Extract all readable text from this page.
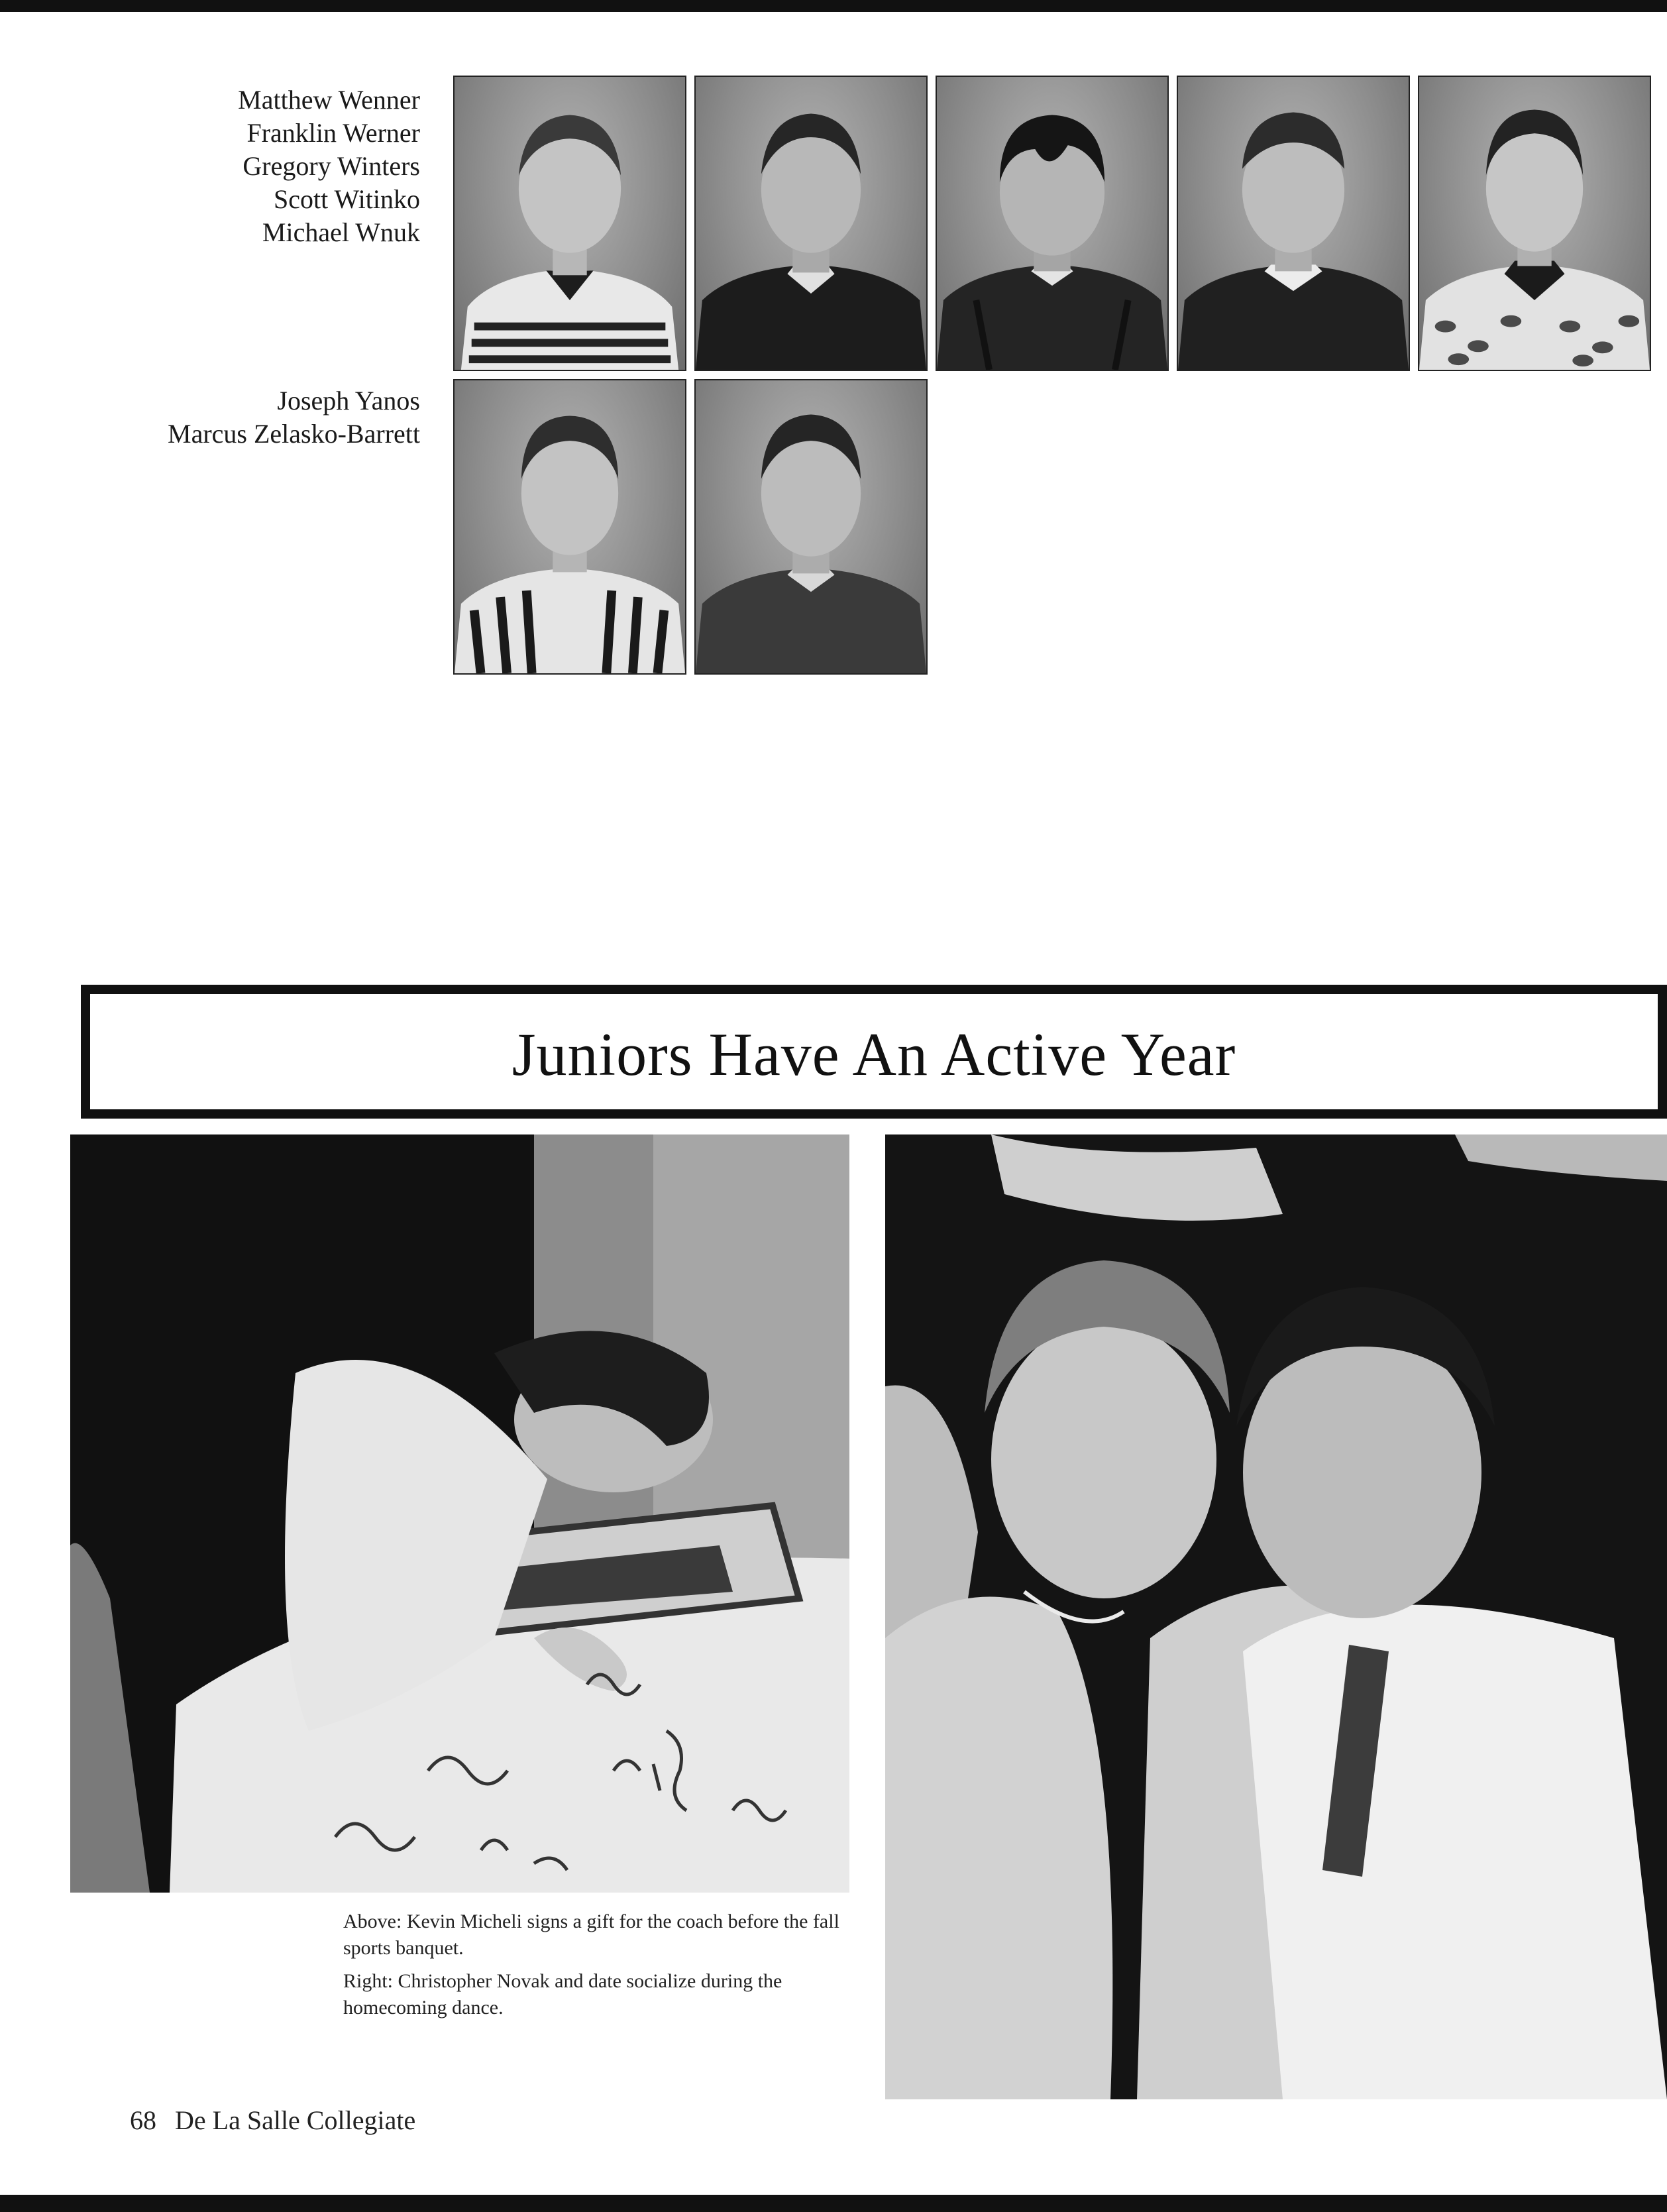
Matthew Wenner
Franklin Werner
Gregory Winters
Scott Witinko
Michael Wnuk
Joseph Yanos
Marcus Zelasko-Barrett
Juniors Have An Active Year

Above: Kevin Micheli signs a gift for the coach before the fall sports banquet.

Right: Christopher Novak and date socialize during the homecoming dance.

68 De La Salle Collegiate
